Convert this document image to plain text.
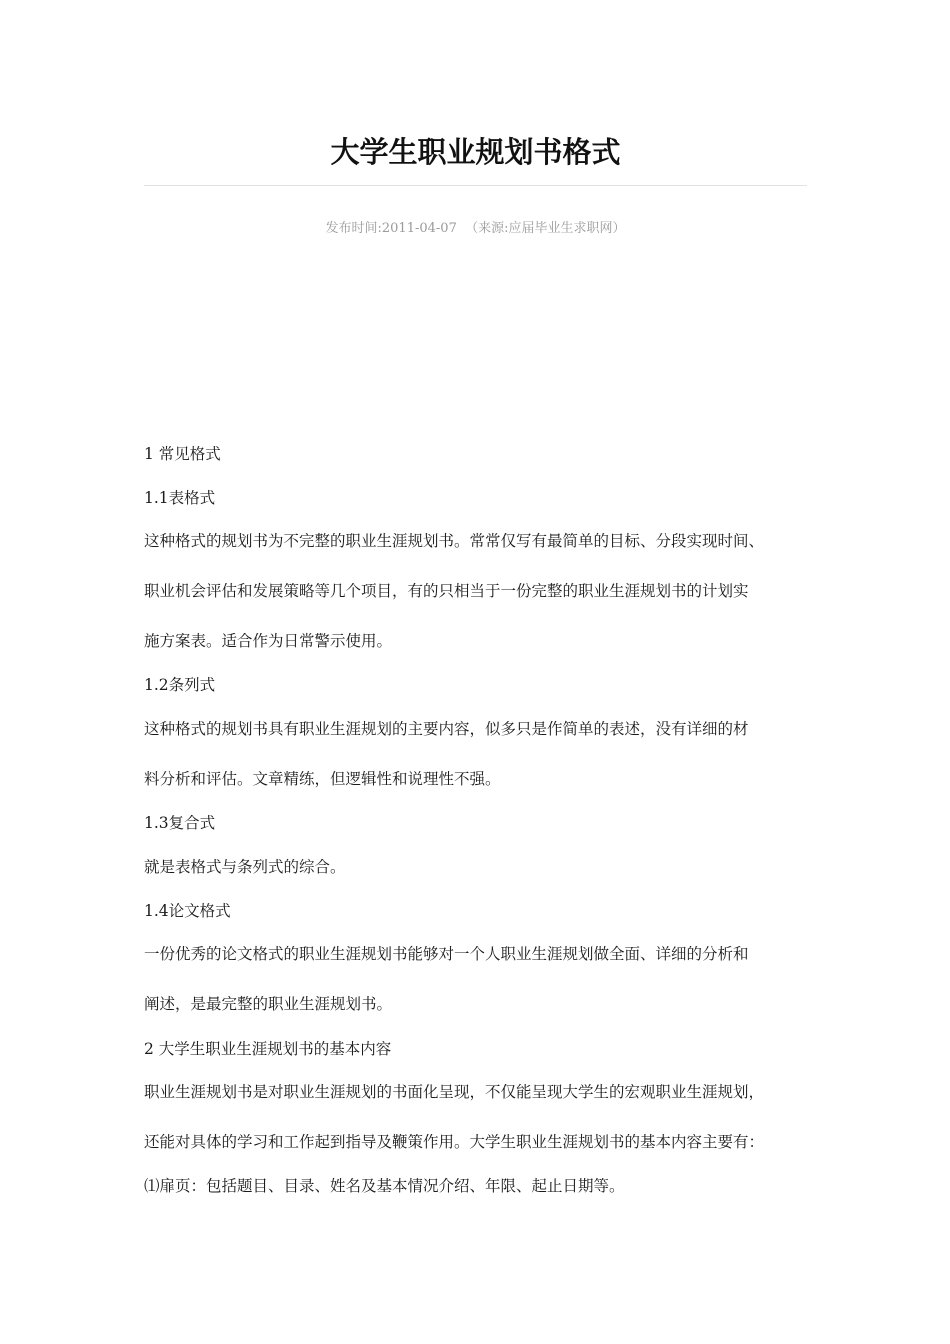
大学生职业规划书格式
发布时间:2011-04-07 （来源:应届毕业生求职网）

1 常见格式

1.1表格式

这种格式的规划书为不完整的职业生涯规划书。常常仅写有最简单的目标、分段实现时间、

职业机会评估和发展策略等几个项目，有的只相当于一份完整的职业生涯规划书的计划实

施方案表。适合作为日常警示使用。

1.2条列式

这种格式的规划书具有职业生涯规划的主要内容，似多只是作简单的表述，没有详细的材

料分析和评估。文章精练，但逻辑性和说理性不强。

1.3复合式

就是表格式与条列式的综合。

1.4论文格式

一份优秀的论文格式的职业生涯规划书能够对一个人职业生涯规划做全面、详细的分析和

阐述，是最完整的职业生涯规划书。

2 大学生职业生涯规划书的基本内容

职业生涯规划书是对职业生涯规划的书面化呈现，不仅能呈现大学生的宏观职业生涯规划，

还能对具体的学习和工作起到指导及鞭策作用。大学生职业生涯规划书的基本内容主要有：

⑴扉页：包括题目、目录、姓名及基本情况介绍、年限、起止日期等。
